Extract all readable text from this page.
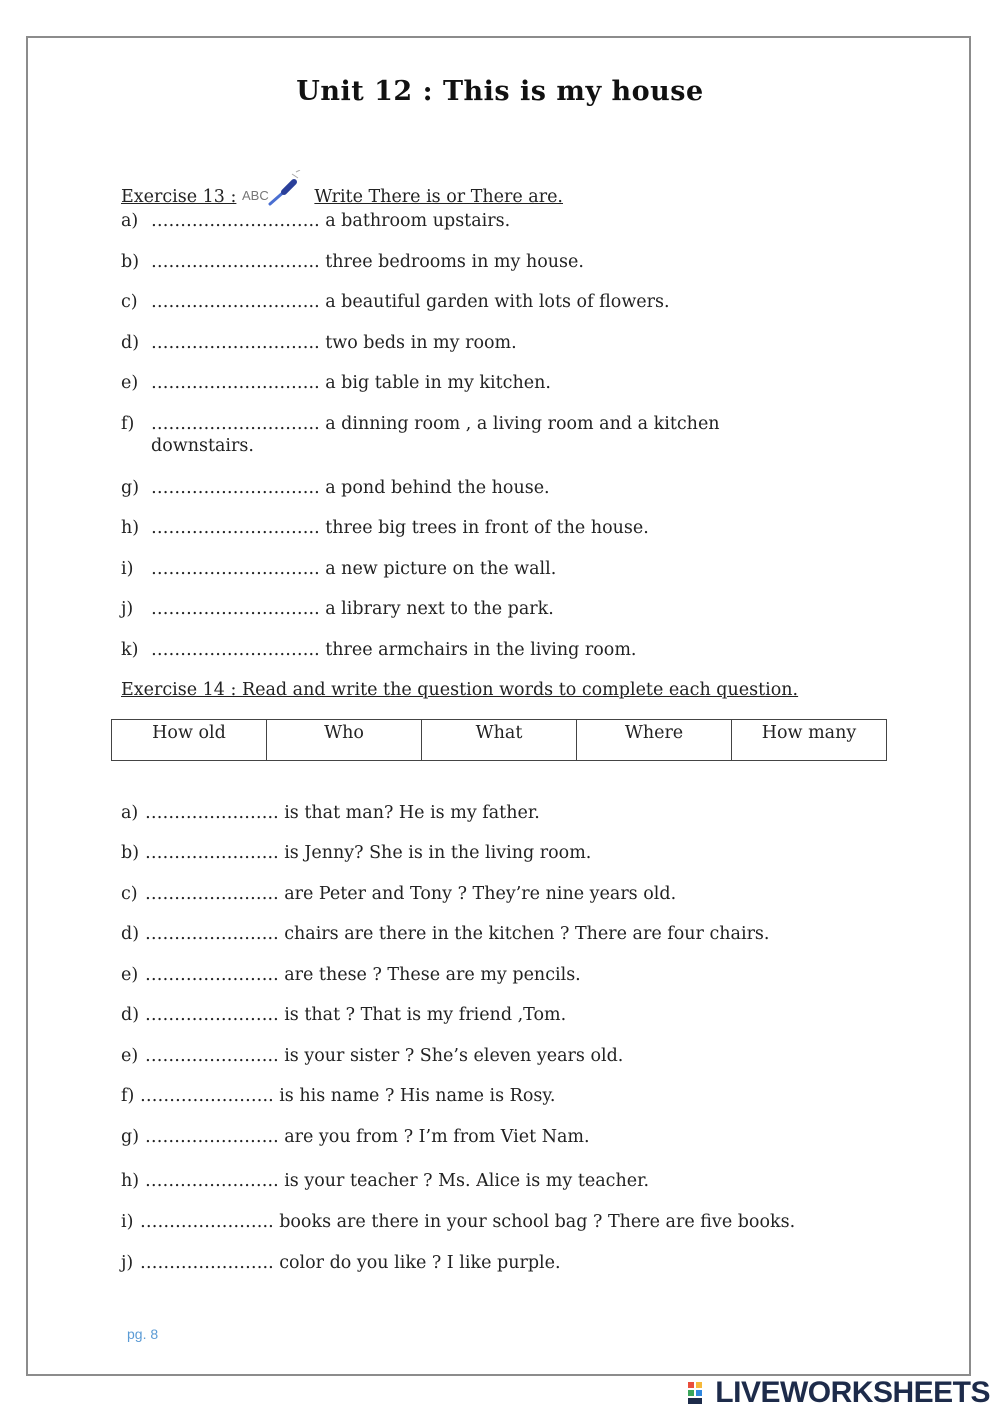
Unit 12 : This is my house
Exercise 13 : ABC	Write There is or There are.
a) ……………………….. a bathroom upstairs.
b) ……………………….. three bedrooms in my house.
c) ……………………….. a beautiful garden with lots of flowers.
d) ……………………….. two beds in my room.
e) ……………………….. a big table in my kitchen.
f) ……………………….. a dinning room , a living room and a kitchen
downstairs.
g) ……………………….. a pond behind the house.
h) ……………………….. three big trees in front of the house.
i) ……………………….. a new picture on the wall.
j) ……………………….. a library next to the park.
k) ……………………….. three armchairs in the living room.
Exercise 14 : Read and write the question words to complete each question.
How old	Who	What	Where	How many
a) ………………….. is that man? He is my father.
b) ………………….. is Jenny? She is in the living room.
c) ………………….. are Peter and Tony ? They’re nine years old.
d) ………………….. chairs are there in the kitchen ? There are four chairs.
e) ………………….. are these ? These are my pencils.
d) ………………….. is that ? That is my friend ,Tom.
e) ………………….. is your sister ? She’s eleven years old.
f) ………………….. is his name ? His name is Rosy.
g) ………………….. are you from ? I’m from Viet Nam.
h) ………………….. is your teacher ? Ms. Alice is my teacher.
i) ………………….. books are there in your school bag ? There are five books.
j) ………………….. color do you like ? I like purple.
pg. 8
LIVEWORKSHEETS
